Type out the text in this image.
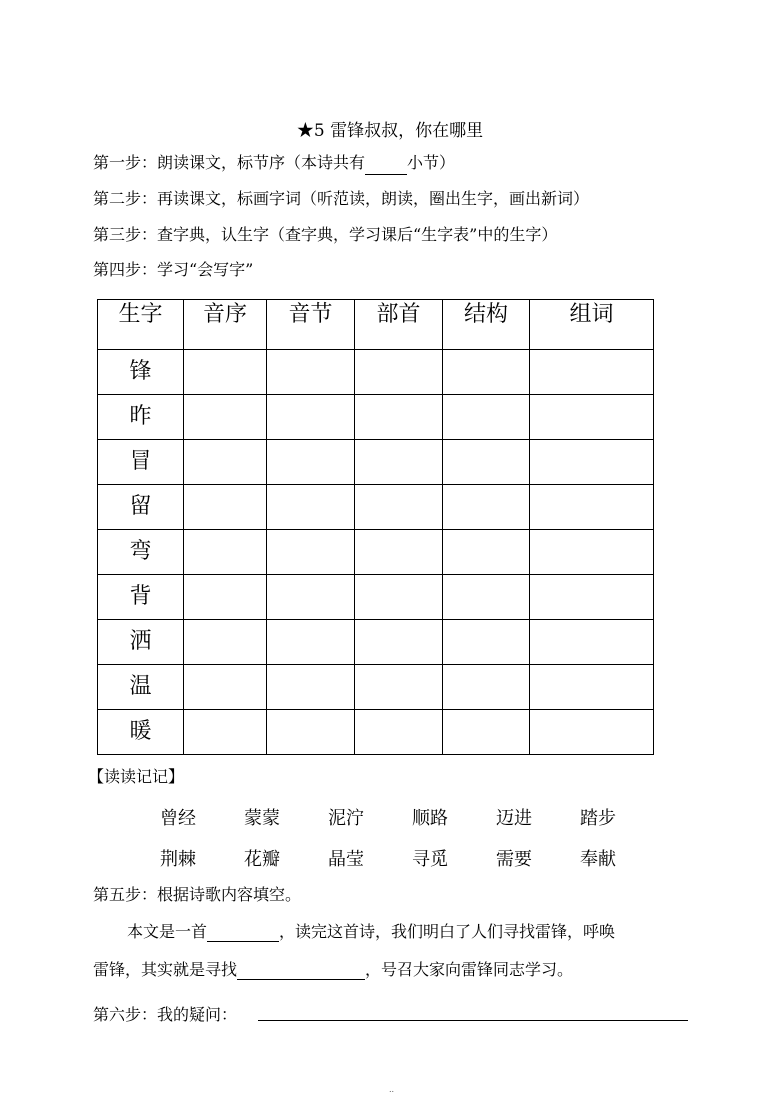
★5 雷锋叔叔，你在哪里
第一步：朗读课文，标节序（本诗共有	小节）
第二步：再读课文，标画字词（听范读，朗读，圈出生字，画出新词）
第三步：查字典，认生字（查字典，学习课后“生字表”中的生字）
第四步：学习“会写字”
生字	音序	音节	部首	结构	组词
锋					
昨					
冒					
留					
弯					
背					
洒					
温					
暖					
【读读记记】
曾经	蒙蒙	泥泞	顺路	迈进	踏步
荆棘	花瓣	晶莹	寻觅	需要	奉献
第五步：根据诗歌内容填空。
本文是一首	，读完这首诗，我们明白了人们寻找雷锋，呼唤
雷锋，其实就是寻找	，号召大家向雷锋同志学习。
第六步：我的疑问：
..
